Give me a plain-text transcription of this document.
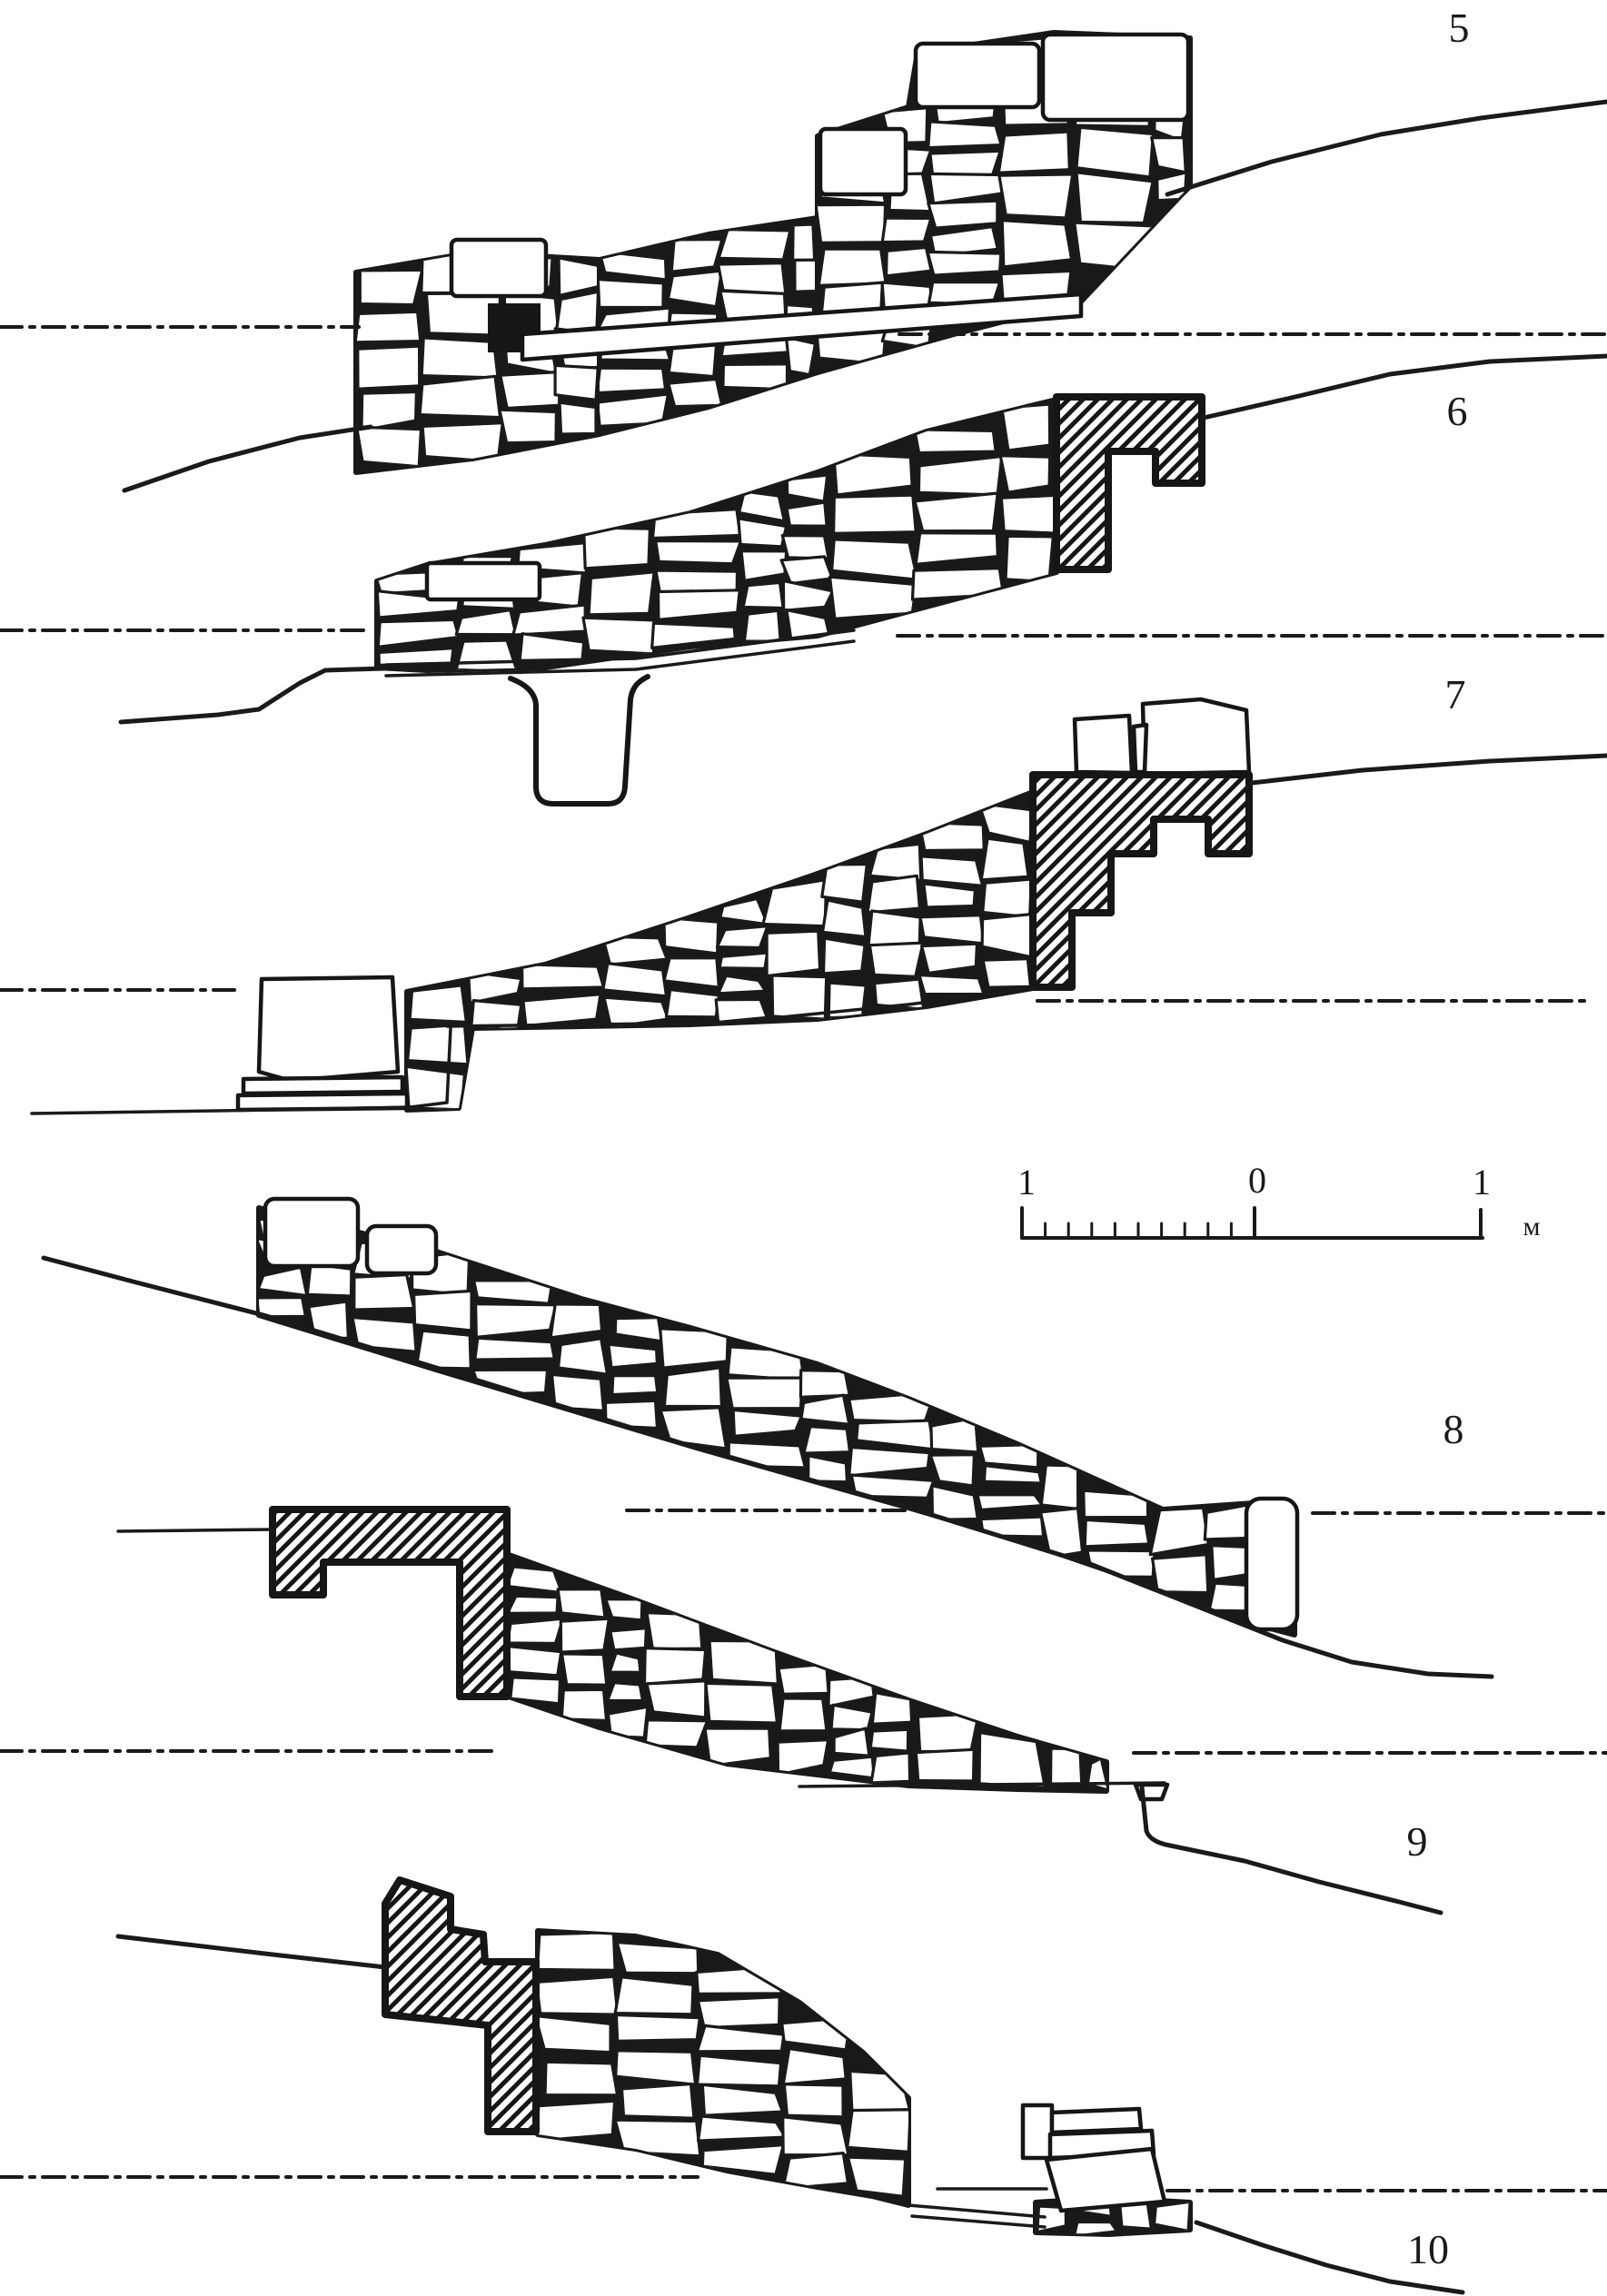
5
6
7
1	0	1
м
8
9
10
